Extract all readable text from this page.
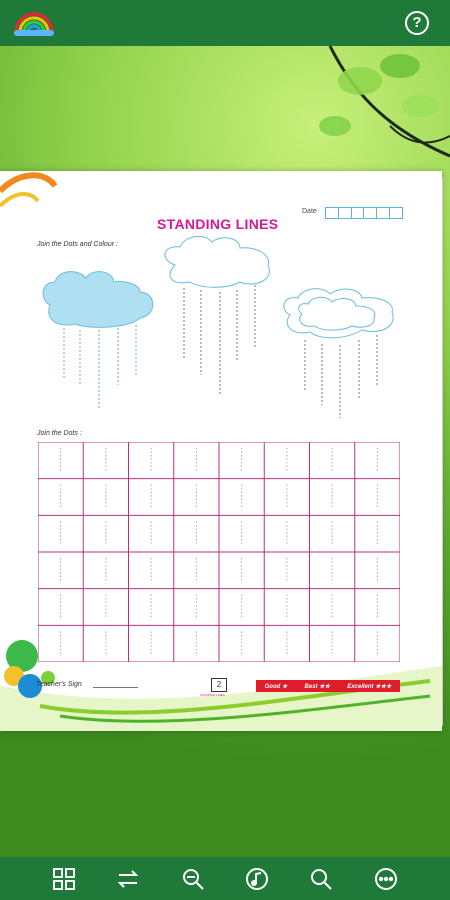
?
STANDING LINES
Date
Join the Dots and Colour :
Join the Dots :
Teacher's Sign	2
STANDING LINES
Good ★	Best ★★	Excellent ★★★
